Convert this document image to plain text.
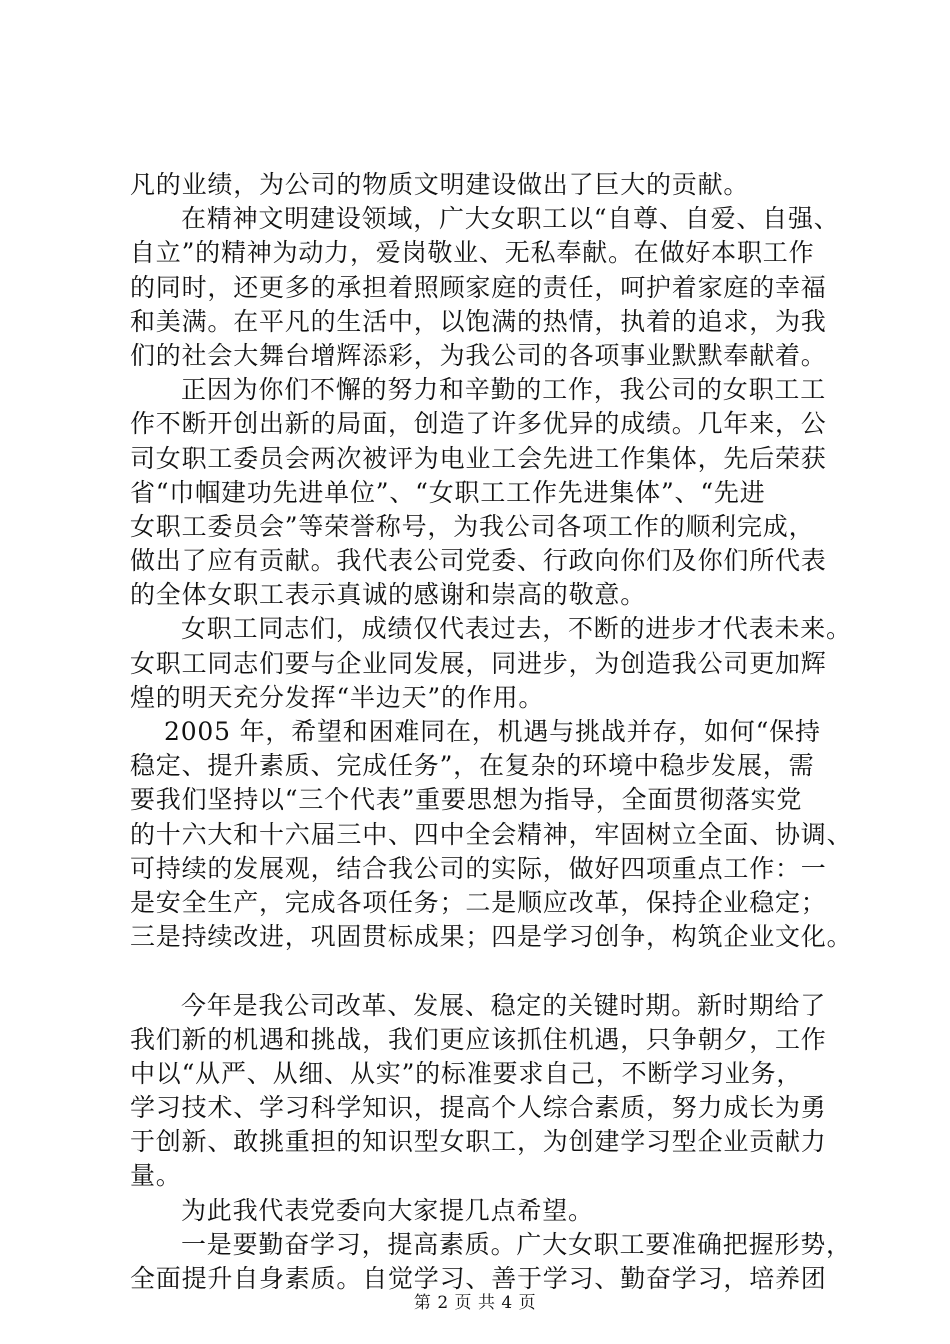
凡的业绩，为公司的物质文明建设做出了巨大的贡献。
在精神文明建设领域，广大女职工以“自尊、自爱、自强、
自立”的精神为动力，爱岗敬业、无私奉献。在做好本职工作
的同时，还更多的承担着照顾家庭的责任，呵护着家庭的幸福
和美满。在平凡的生活中，以饱满的热情，执着的追求，为我
们的社会大舞台增辉添彩，为我公司的各项事业默默奉献着。
正因为你们不懈的努力和辛勤的工作，我公司的女职工工
作不断开创出新的局面，创造了许多优异的成绩。几年来，公
司女职工委员会两次被评为电业工会先进工作集体，先后荣获
省“巾帼建功先进单位”、“女职工工作先进集体”、“先进
女职工委员会”等荣誉称号，为我公司各项工作的顺利完成，
做出了应有贡献。我代表公司党委、行政向你们及你们所代表
的全体女职工表示真诚的感谢和崇高的敬意。
女职工同志们，成绩仅代表过去，不断的进步才代表未来。
女职工同志们要与企业同发展，同进步，为创造我公司更加辉
煌的明天充分发挥“半边天”的作用。
2005 年，希望和困难同在，机遇与挑战并存，如何“保持
稳定、提升素质、完成任务”，在复杂的环境中稳步发展，需
要我们坚持以“三个代表”重要思想为指导，全面贯彻落实党
的十六大和十六届三中、四中全会精神，牢固树立全面、协调、
可持续的发展观，结合我公司的实际，做好四项重点工作：一
是安全生产，完成各项任务；二是顺应改革，保持企业稳定；
三是持续改进，巩固贯标成果；四是学习创争，构筑企业文化。
今年是我公司改革、发展、稳定的关键时期。新时期给了
我们新的机遇和挑战，我们更应该抓住机遇，只争朝夕，工作
中以“从严、从细、从实”的标准要求自己，不断学习业务，
学习技术、学习科学知识，提高个人综合素质，努力成长为勇
于创新、敢挑重担的知识型女职工，为创建学习型企业贡献力
量。
为此我代表党委向大家提几点希望。
一是要勤奋学习，提高素质。广大女职工要准确把握形势，
全面提升自身素质。自觉学习、善于学习、勤奋学习，培养团
第 2 页 共 4 页
